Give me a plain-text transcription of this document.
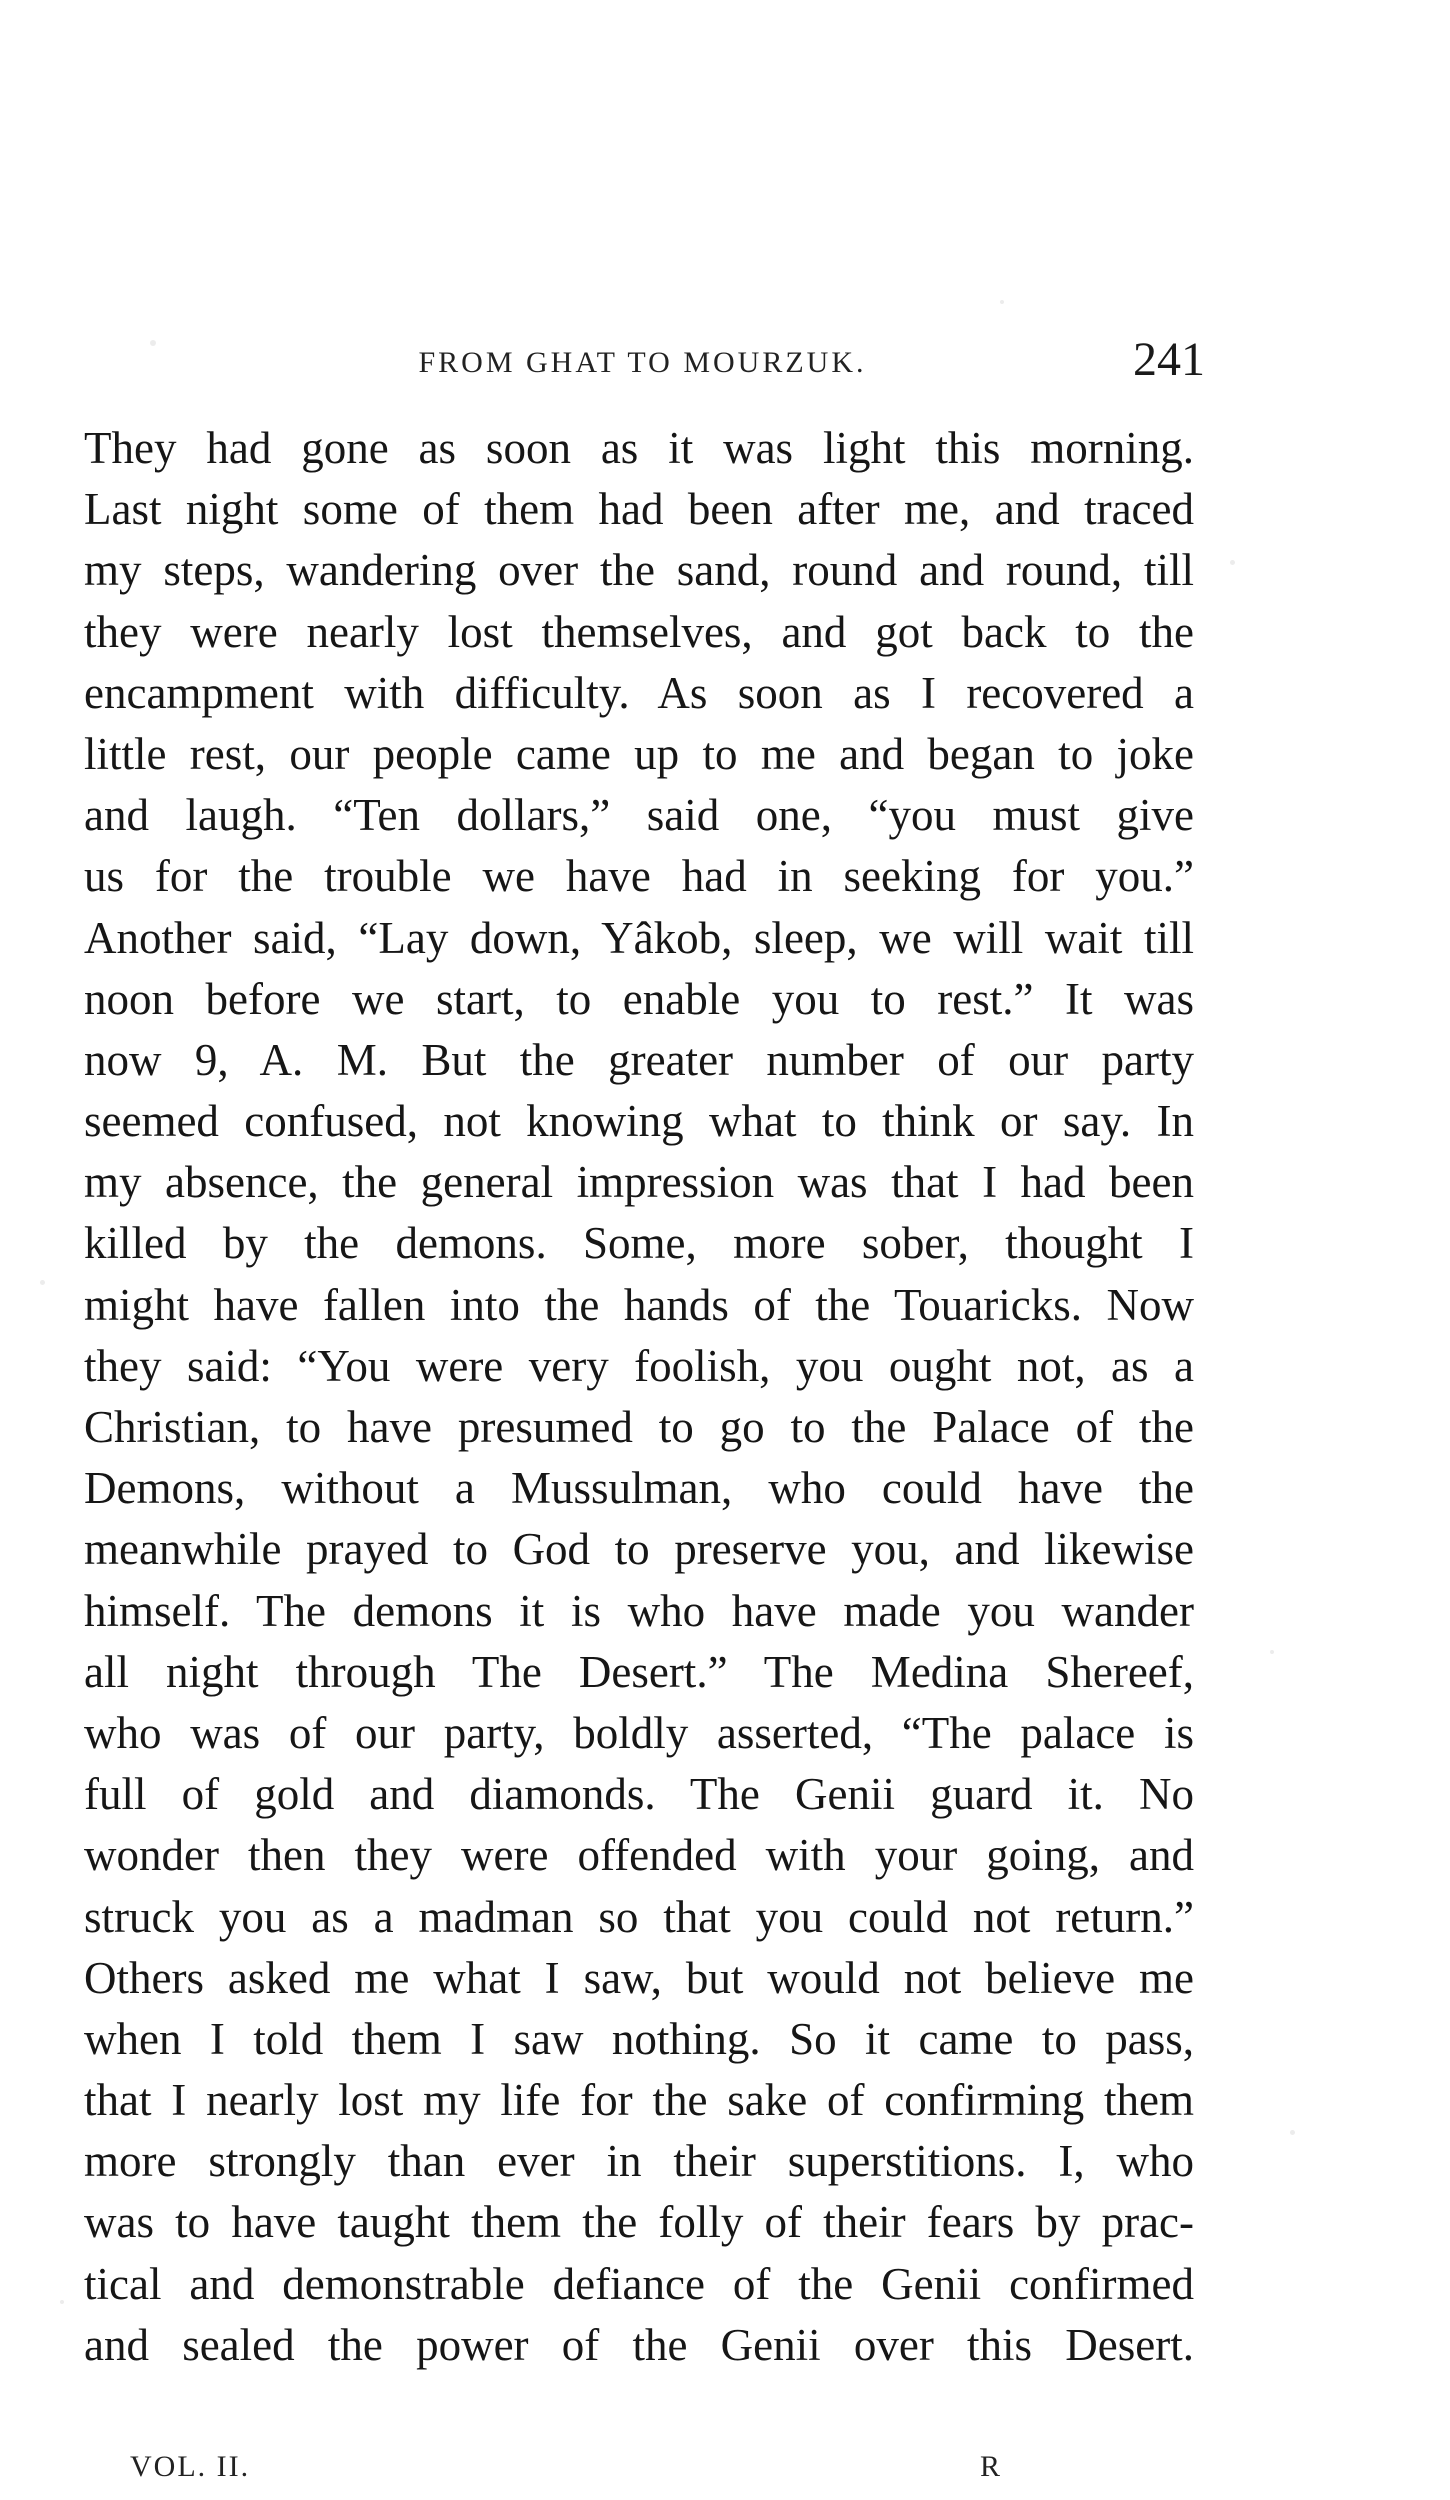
FROM GHAT TO MOURZUK.	241
They had gone as soon as it was light this morning.
Last night some of them had been after me, and traced
my steps, wandering over the sand, round and round, till
they were nearly lost themselves, and got back to the
encampment with difficulty. As soon as I recovered a
little rest, our people came up to me and began to joke
and laugh. “Ten dollars,” said one, “you must give
us for the trouble we have had in seeking for you.”
Another said, “Lay down, Yâkob, sleep, we will wait till
noon before we start, to enable you to rest.” It was
now 9, A. M. But the greater number of our party
seemed confused, not knowing what to think or say. In
my absence, the general impression was that I had been
killed by the demons. Some, more sober, thought I
might have fallen into the hands of the Touaricks. Now
they said: “You were very foolish, you ought not, as a
Christian, to have presumed to go to the Palace of the
Demons, without a Mussulman, who could have the
meanwhile prayed to God to preserve you, and likewise
himself. The demons it is who have made you wander
all night through The Desert.” The Medina Shereef,
who was of our party, boldly asserted, “The palace is
full of gold and diamonds. The Genii guard it. No
wonder then they were offended with your going, and
struck you as a madman so that you could not return.”
Others asked me what I saw, but would not believe me
when I told them I saw nothing. So it came to pass,
that I nearly lost my life for the sake of confirming them
more strongly than ever in their superstitions. I, who
was to have taught them the folly of their fears by prac-
tical and demonstrable defiance of the Genii confirmed
and sealed the power of the Genii over this Desert.
VOL. II.	R
